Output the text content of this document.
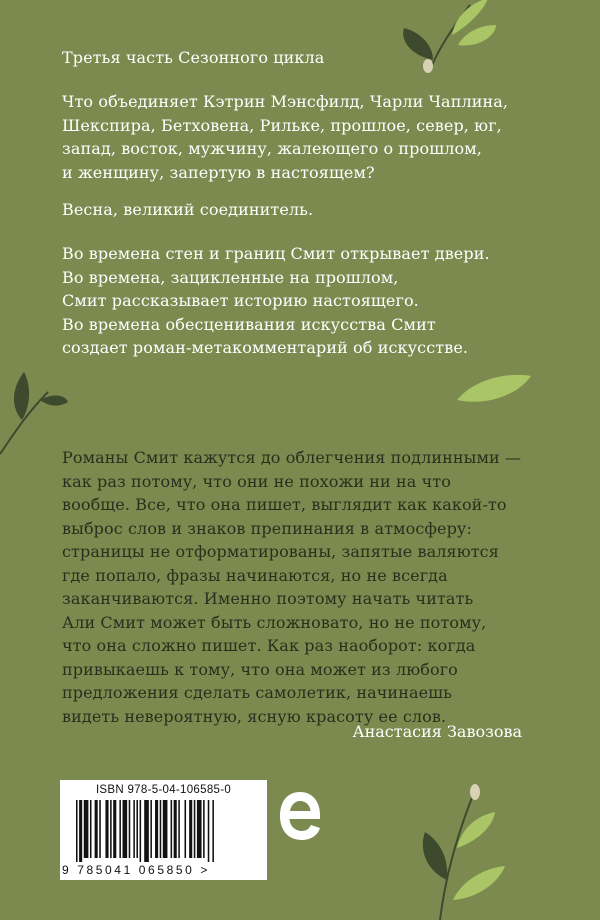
Третья часть Сезонного цикла

Что объединяет Кэтрин Мэнсфилд, Чарли Чаплина,

Шекспира, Бетховена, Рильке, прошлое, север, юг,

запад, восток, мужчину, жалеющего о прошлом,

и женщину, запертую в настоящем?

Весна, великий соединитель.

Во времена стен и границ Смит открывает двери.

Во времена, зацикленные на прошлом,

Смит рассказывает историю настоящего.

Во времена обесценивания искусства Смит

создает роман-метакомментарий об искусстве.

Романы Смит кажутся до облегчения подлинными —

как раз потому, что они не похожи ни на что

вообще. Все, что она пишет, выглядит как какой-то

выброс слов и знаков препинания в атмосферу:

страницы не отформатированы, запятые валяются

где попало, фразы начинаются, но не всегда

заканчиваются. Именно поэтому начать читать

Али Смит может быть сложновато, но не потому,

что она сложно пишет. Как раз наоборот: когда

привыкаешь к тому, что она может из любого

предложения сделать самолетик, начинаешь

видеть невероятную, ясную красоту ее слов.

Анастасия Завозова
ISBN 978-5-04-106585-0
9 785041 065850 >
